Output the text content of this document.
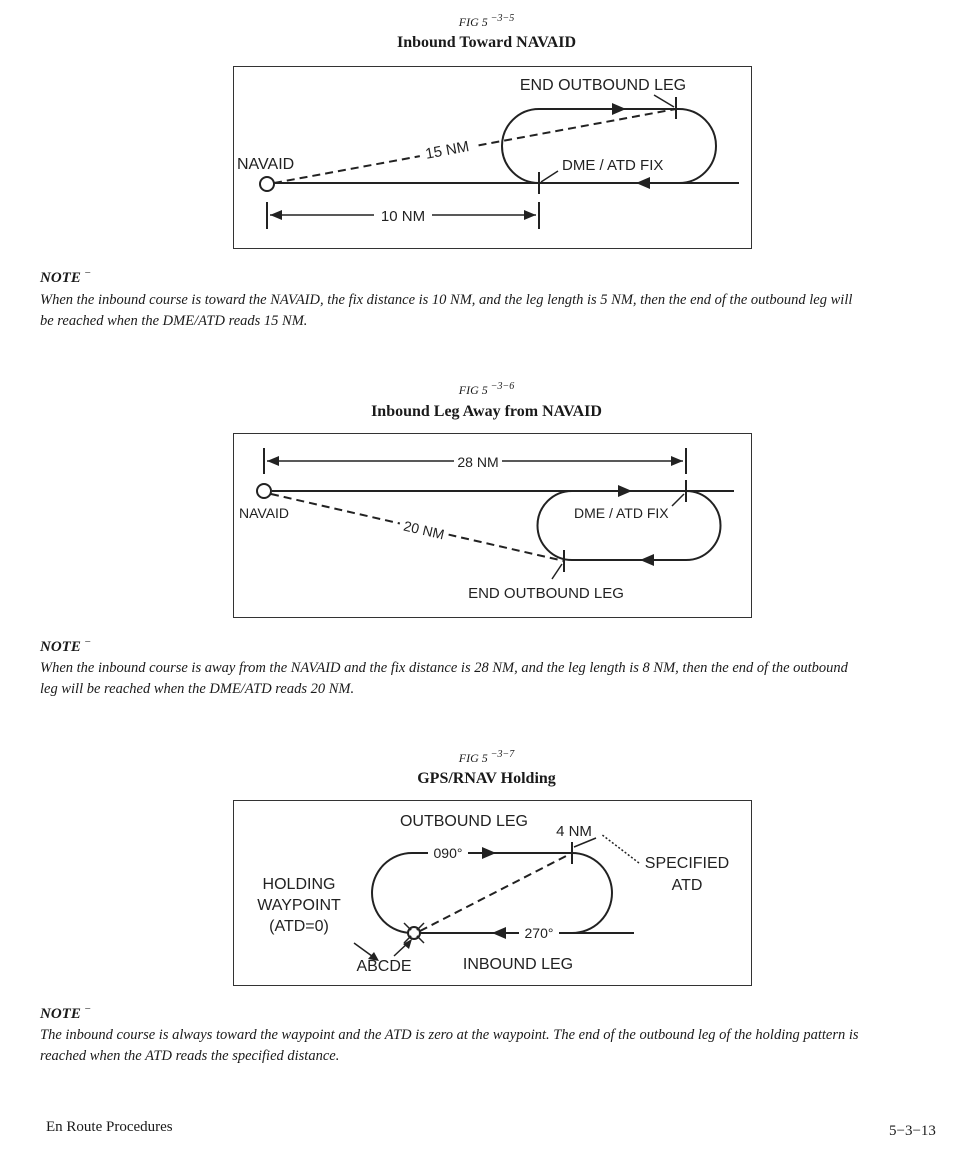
FIG 5 $^{-3-5}$
Inbound Toward NAVAID
15 NM
END OUTBOUND LEG
NAVAID	DME / ATD FIX
10 NM
NOTE −
When the inbound course is toward the NAVAID, the fix distance is 10 NM, and the leg length is 5 NM, then the end of the outbound leg will be reached when the DME/ATD reads 15 NM.
FIG 5 $^{-3-6}$
Inbound Leg Away from NAVAID
28 NM
20 NM
NAVAID	DME / ATD FIX
END OUTBOUND LEG
NOTE −
When the inbound course is away from the NAVAID and the fix distance is 28 NM, and the leg length is 8 NM, then the end of the outbound leg will be reached when the DME/ATD reads 20 NM.
FIG 5 $^{-3-7}$
GPS/RNAV Holding
090°
270°
OUTBOUND LEG
4 NM
SPECIFIED
ATD
HOLDING
WAYPOINT
(ATD=0)
ABCDE	INBOUND LEG
NOTE −
The inbound course is always toward the waypoint and the ATD is zero at the waypoint. The end of the outbound leg of the holding pattern is reached when the ATD reads the specified distance.
En Route Procedures	5−3−13
